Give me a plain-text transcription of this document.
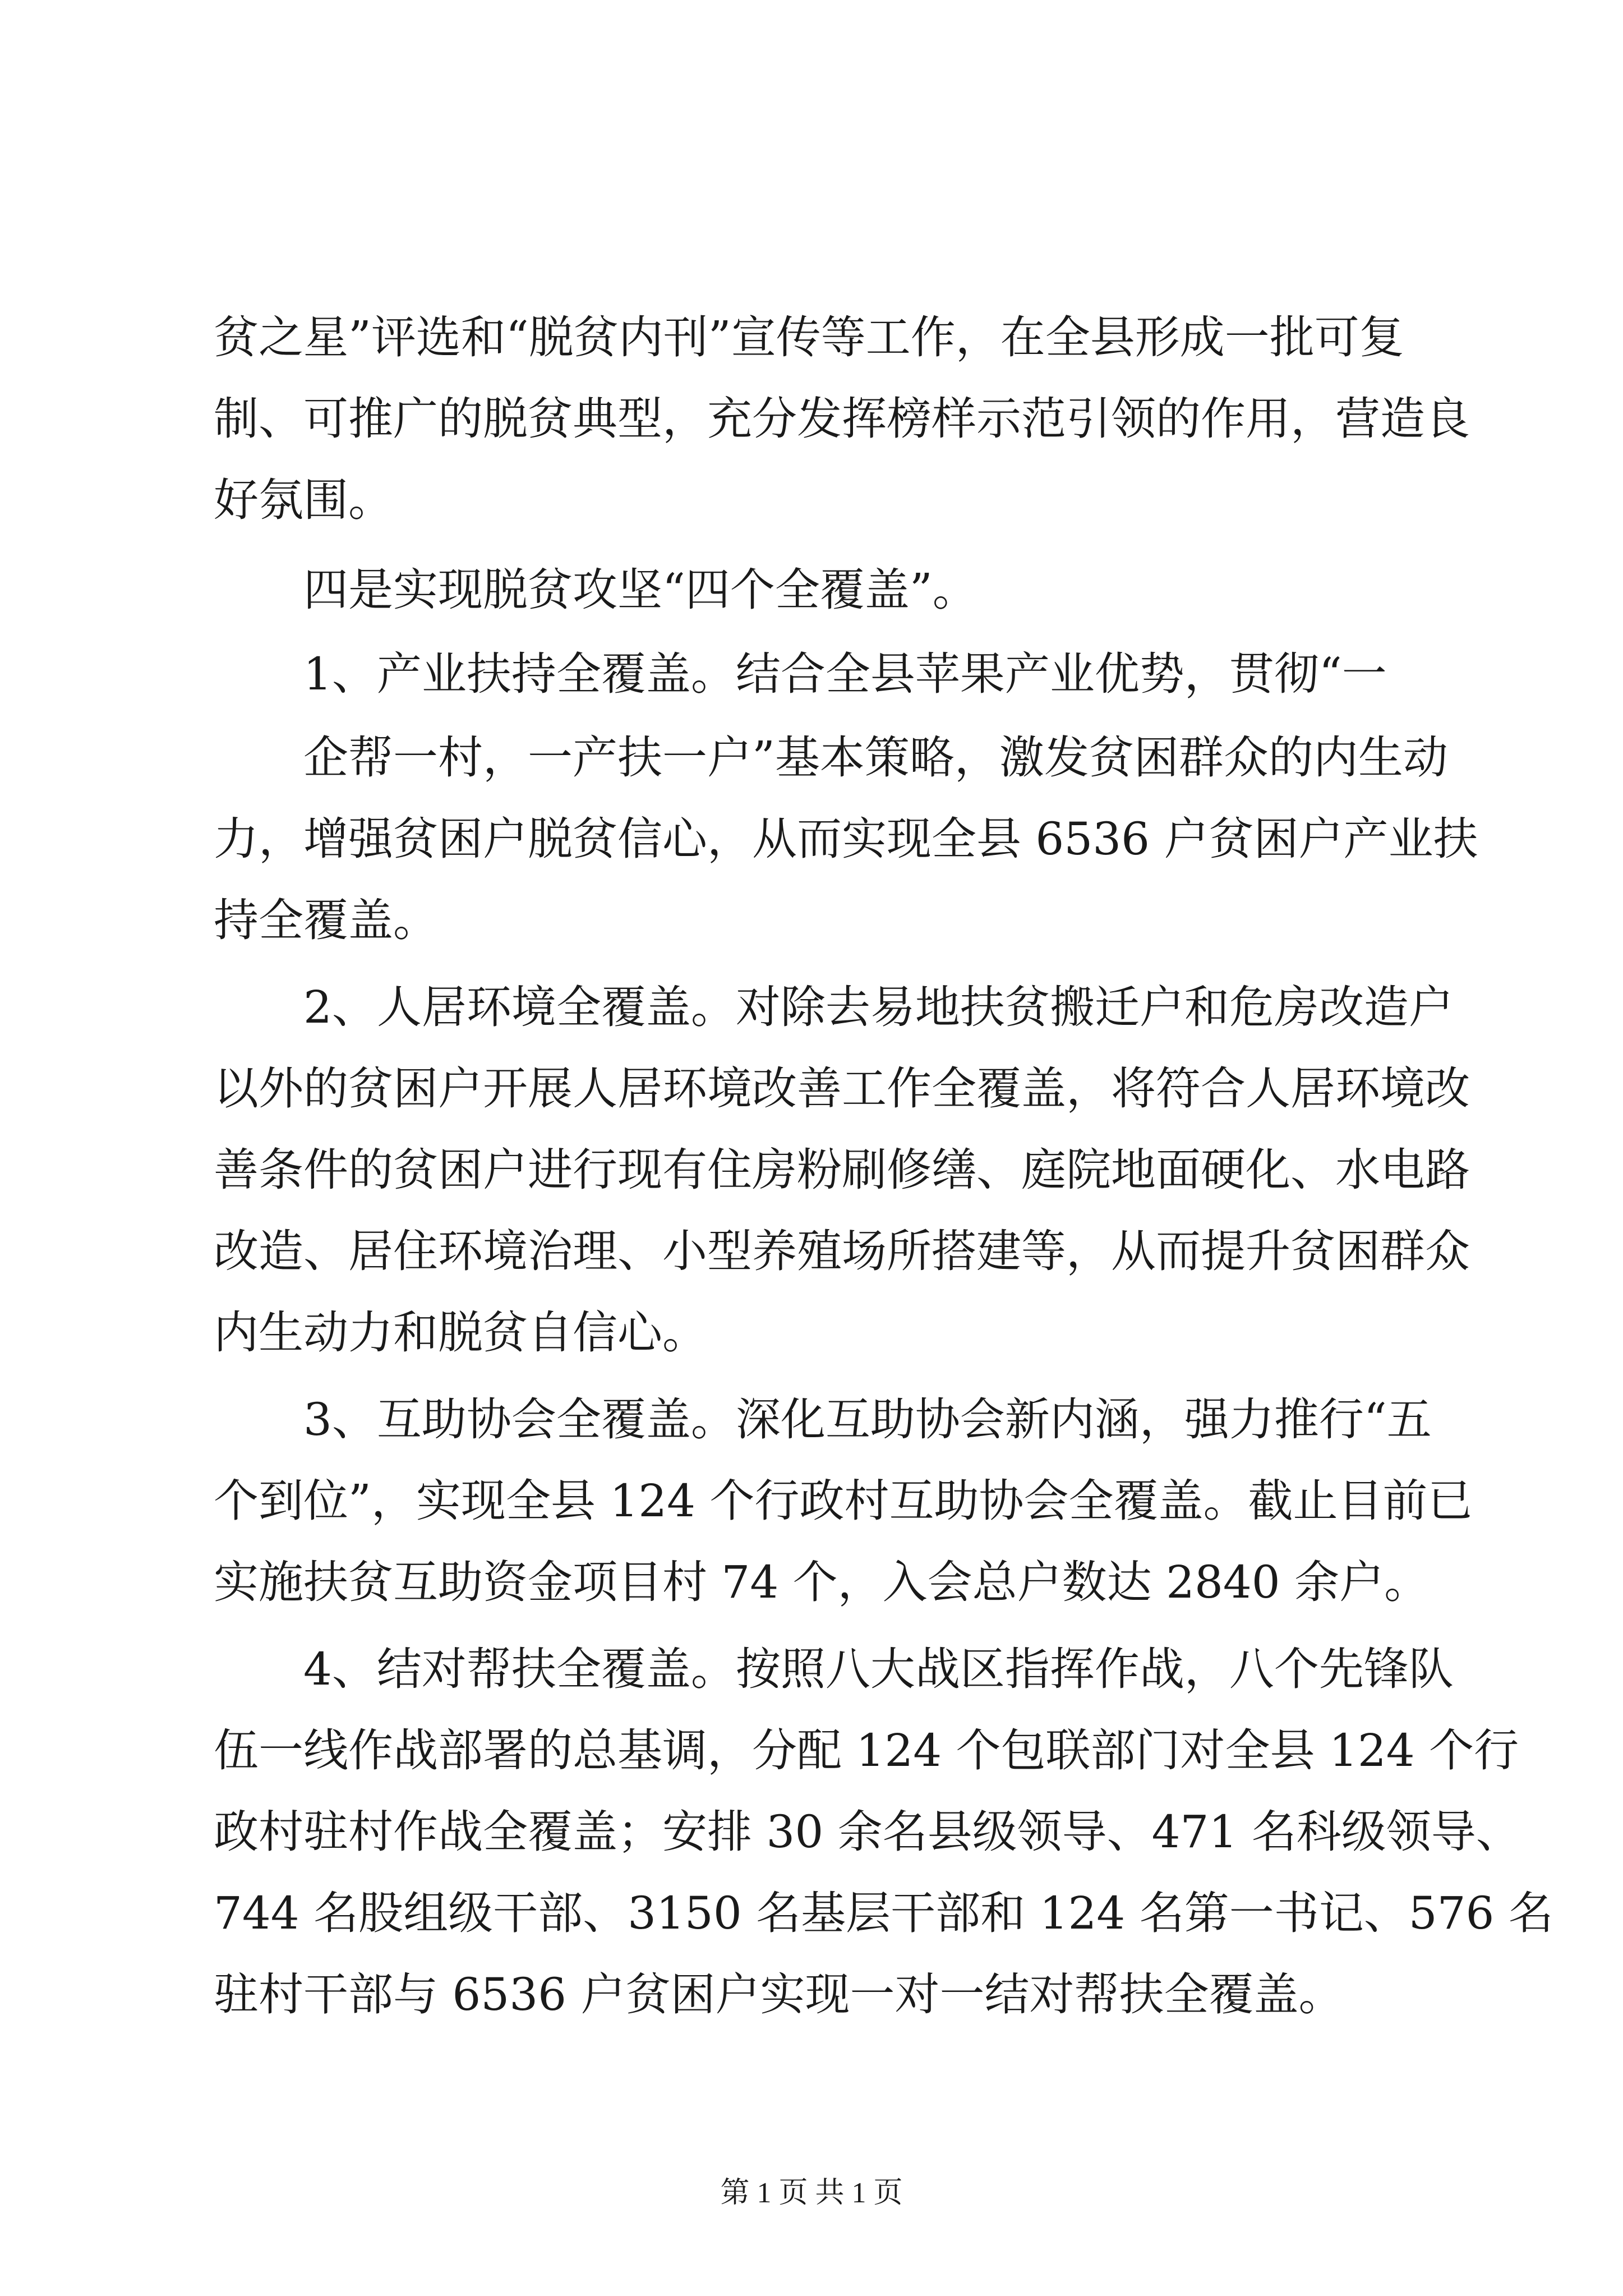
贫之星”评选和“脱贫内刊”宣传等工作，在全县形成一批可复
制、可推广的脱贫典型，充分发挥榜样示范引领的作用，营造良
好氛围。
四是实现脱贫攻坚“四个全覆盖”。
1、产业扶持全覆盖。结合全县苹果产业优势，贯彻“一
企帮一村，一产扶一户”基本策略，激发贫困群众的内生动
力，增强贫困户脱贫信心，从而实现全县 6536 户贫困户产业扶
持全覆盖。
2、人居环境全覆盖。对除去易地扶贫搬迁户和危房改造户
以外的贫困户开展人居环境改善工作全覆盖，将符合人居环境改
善条件的贫困户进行现有住房粉刷修缮、庭院地面硬化、水电路
改造、居住环境治理、小型养殖场所搭建等，从而提升贫困群众
内生动力和脱贫自信心。
3、互助协会全覆盖。深化互助协会新内涵，强力推行“五
个到位”，实现全县 124 个行政村互助协会全覆盖。截止目前已
实施扶贫互助资金项目村 74 个，入会总户数达 2840 余户。
4、结对帮扶全覆盖。按照八大战区指挥作战，八个先锋队
伍一线作战部署的总基调，分配 124 个包联部门对全县 124 个行
政村驻村作战全覆盖；安排 30 余名县级领导、471 名科级领导、
744 名股组级干部、3150 名基层干部和 124 名第一书记、576 名
驻村干部与 6536 户贫困户实现一对一结对帮扶全覆盖。
第 1 页 共 1 页
